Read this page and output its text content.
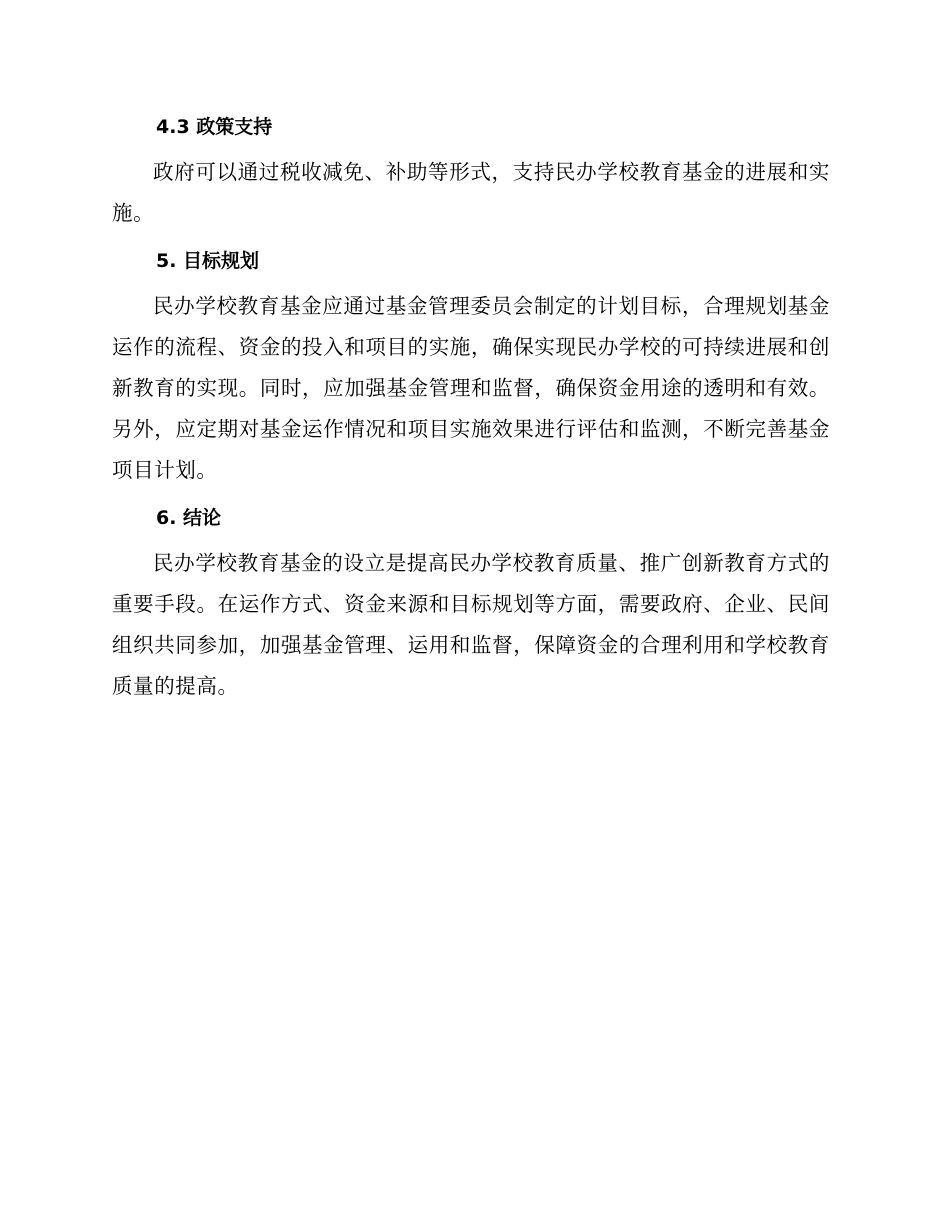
4.3 政策支持

政府可以通过税收减免、补助等形式，支持民办学校教育基金的进展和实施。

5. 目标规划

民办学校教育基金应通过基金管理委员会制定的计划目标，合理规划基金运作的流程、资金的投入和项目的实施，确保实现民办学校的可持续进展和创新教育的实现。同时，应加强基金管理和监督，确保资金用途的透明和有效。另外，应定期对基金运作情况和项目实施效果进行评估和监测，不断完善基金项目计划。

6. 结论

民办学校教育基金的设立是提高民办学校教育质量、推广创新教育方式的重要手段。在运作方式、资金来源和目标规划等方面，需要政府、企业、民间组织共同参加，加强基金管理、运用和监督，保障资金的合理利用和学校教育质量的提高。
